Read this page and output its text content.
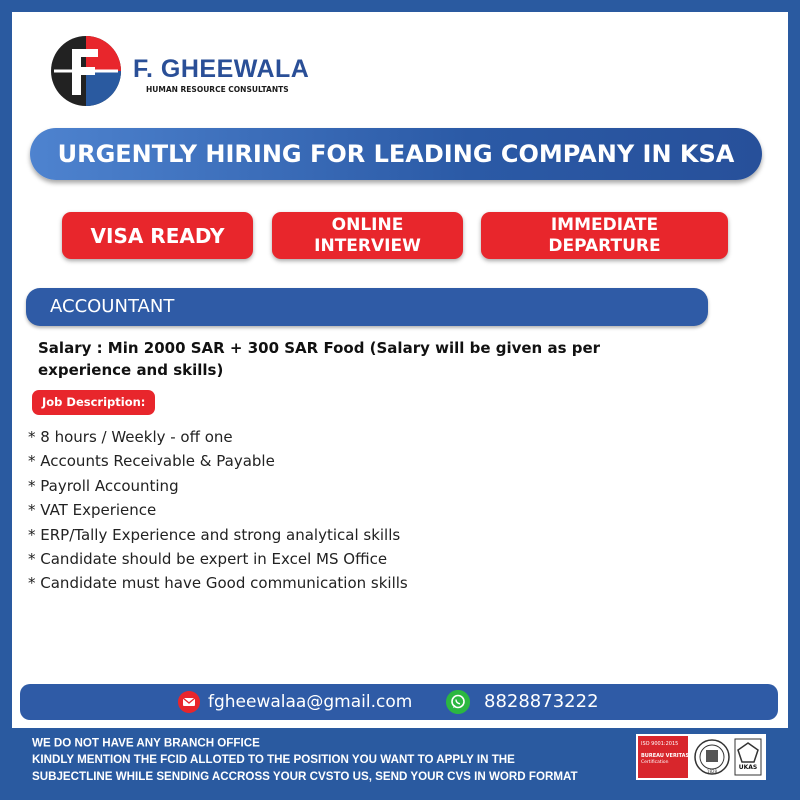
F. GHEEWALA
HUMAN RESOURCE CONSULTANTS
URGENTLY HIRING FOR LEADING COMPANY IN KSA
VISA READY	ONLINE
INTERVIEW
IMMEDIATE
DEPARTURE
ACCOUNTANT
Salary : Min 2000 SAR + 300 SAR Food (Salary will be given as per experience and skills)
Job Description:
* 8 hours / Weekly - off one
* Accounts Receivable & Payable
* Payroll Accounting
* VAT Experience
* ERP/Tally Experience and strong analytical skills
* Candidate should be expert in Excel MS Office
* Candidate must have Good communication skills
fgheewalaa@gmail.com	8828873222
WE DO NOT HAVE ANY BRANCH OFFICE
KINDLY MENTION THE FCID ALLOTED TO THE POSITION YOU WANT TO APPLY IN THE
SUBJECTLINE WHILE SENDING ACCROSS YOUR CVSTO US, SEND YOUR CVS IN WORD FORMAT
ISO 9001:2015
BUREAU VERITAS
Certification
1828
UKAS
